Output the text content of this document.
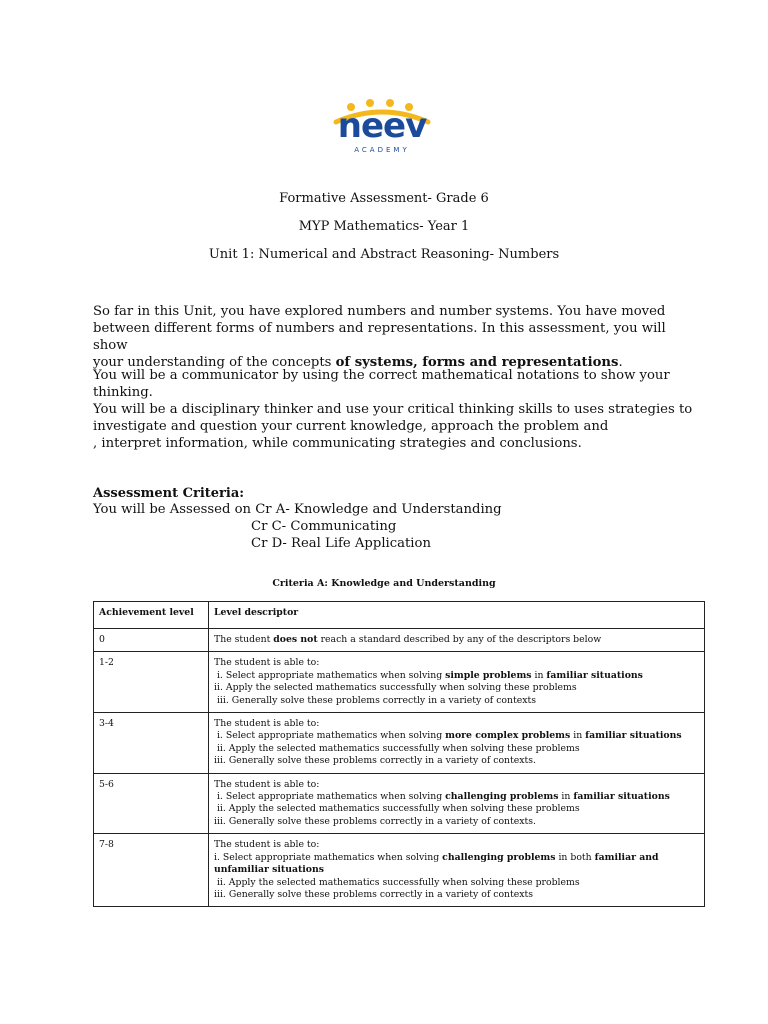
neev
ACADEMY
Formative Assessment- Grade 6
MYP Mathematics- Year 1
Unit 1: Numerical and Abstract Reasoning- Numbers
So far in this Unit, you have explored numbers and number systems. You have moved
between different forms of numbers and representations. In this assessment, you will show
your understanding of the concepts of systems, forms and representations.
You will be a communicator by using the correct mathematical notations to show your
thinking.
You will be a disciplinary thinker and use your critical thinking skills to uses strategies to
investigate and question your current knowledge, approach the problem and
, interpret information, while communicating strategies and conclusions.
Assessment Criteria:
You will be Assessed on Cr A- Knowledge and Understanding
Cr C- Communicating
Cr D- Real Life Application
Criteria A: Knowledge and Understanding
Achievement level	Level descriptor
0	The student does not reach a standard described by any of the descriptors below

1-2	The student is able to:
i. Select appropriate mathematics when solving simple problems in familiar situations
ii. Apply the selected mathematics successfully when solving these problems
iii. Generally solve these problems correctly in a variety of contexts

3-4	The student is able to:
i. Select appropriate mathematics when solving more complex problems in familiar situations
ii. Apply the selected mathematics successfully when solving these problems
iii. Generally solve these problems correctly in a variety of contexts.

5-6	The student is able to:
i. Select appropriate mathematics when solving challenging problems in familiar situations
ii. Apply the selected mathematics successfully when solving these problems
iii. Generally solve these problems correctly in a variety of contexts.

7-8	The student is able to:
i. Select appropriate mathematics when solving challenging problems in both familiar and
unfamiliar situations
ii. Apply the selected mathematics successfully when solving these problems
iii. Generally solve these problems correctly in a variety of contexts
